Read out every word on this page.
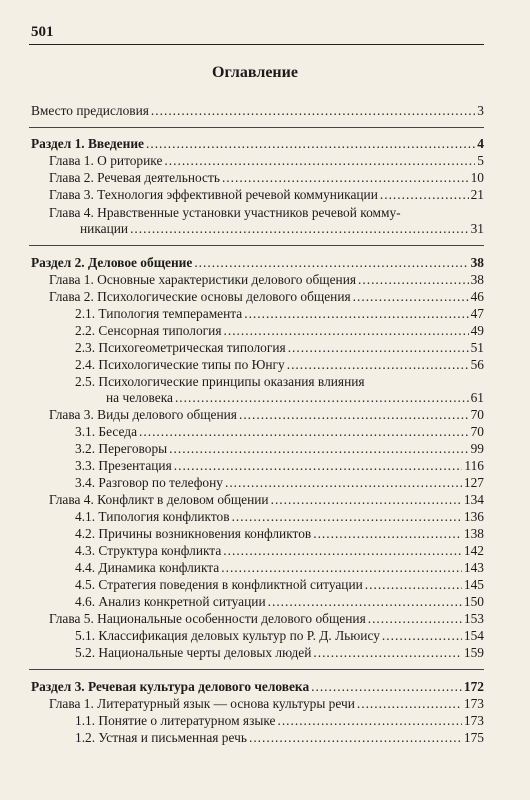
501
Оглавление
Вместо предисловия .....	3
Раздел 1. Введение .....	4
Глава 1. О риторике .....	5
Глава 2. Речевая деятельность .....	10
Глава 3. Технология эффективной речевой коммуникации .....	21
Глава 4. Нравственные установки участников речевой комму-
никации .....	31
Раздел 2. Деловое общение .....	38
Глава 1. Основные характеристики делового общения .....	38
Глава 2. Психологические основы делового общения .....	46
2.1. Типология темперамента .....	47
2.2. Сенсорная типология .....	49
2.3. Психогеометрическая типология .....	51
2.4. Психологические типы по Юнгу .....	56
2.5. Психологические принципы оказания влияния
на человека .....	61
Глава 3. Виды делового общения .....	70
3.1. Беседа .....	70
3.2. Переговоры .....	99
3.3. Презентация .....	116
3.4. Разговор по телефону .....	127
Глава 4. Конфликт в деловом общении .....	134
4.1. Типология конфликтов .....	136
4.2. Причины возникновения конфликтов .....	138
4.3. Структура конфликта .....	142
4.4. Динамика конфликта .....	143
4.5. Стратегия поведения в конфликтной ситуации .....	145
4.6. Анализ конкретной ситуации .....	150
Глава 5. Национальные особенности делового общения .....	153
5.1. Классификация деловых культур по Р. Д. Льюису .....	154
5.2. Национальные черты деловых людей .....	159
Раздел 3. Речевая культура делового человека .....	172
Глава 1. Литературный язык — основа культуры речи .....	173
1.1. Понятие о литературном языке .....	173
1.2. Устная и письменная речь .....	175
